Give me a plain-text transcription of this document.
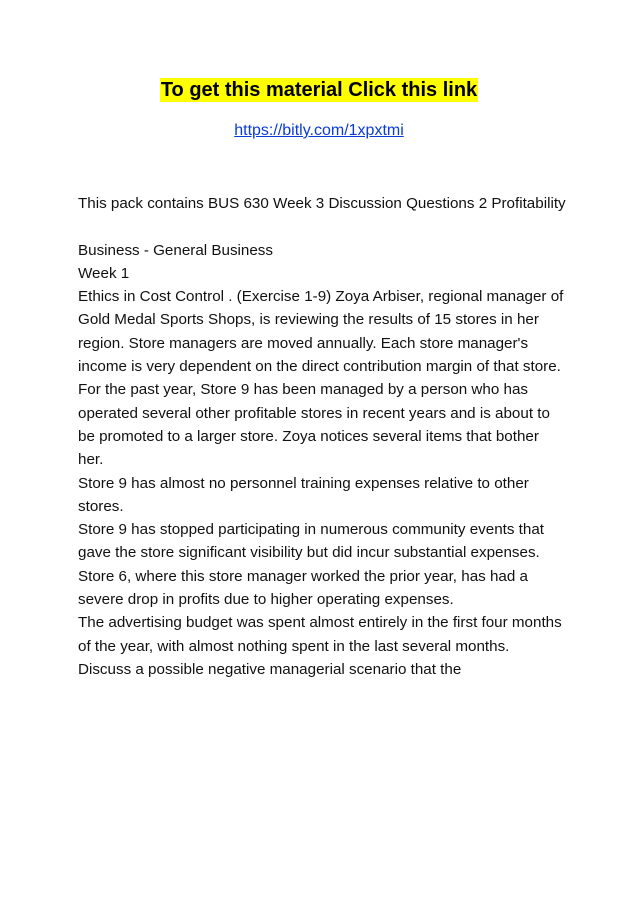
To get this material Click this link
https://bitly.com/1xpxtmi

This pack contains BUS 630 Week 3 Discussion Questions 2 Profitability

Business - General Business

Week 1

Ethics in Cost Control . (Exercise 1-9) Zoya Arbiser, regional manager of Gold Medal Sports Shops, is reviewing the results of 15 stores in her region. Store managers are moved annually. Each store manager's income is very dependent on the direct contribution margin of that store. For the past year, Store 9 has been managed by a person who has operated several other profitable stores in recent years and is about to be promoted to a larger store. Zoya notices several items that bother her.

Store 9 has almost no personnel training expenses relative to other stores.

Store 9 has stopped participating in numerous community events that gave the store significant visibility but did incur substantial expenses.

Store 6, where this store manager worked the prior year, has had a severe drop in profits due to higher operating expenses.

The advertising budget was spent almost entirely in the first four months of the year, with almost nothing spent in the last several months.

Discuss a possible negative managerial scenario that the
